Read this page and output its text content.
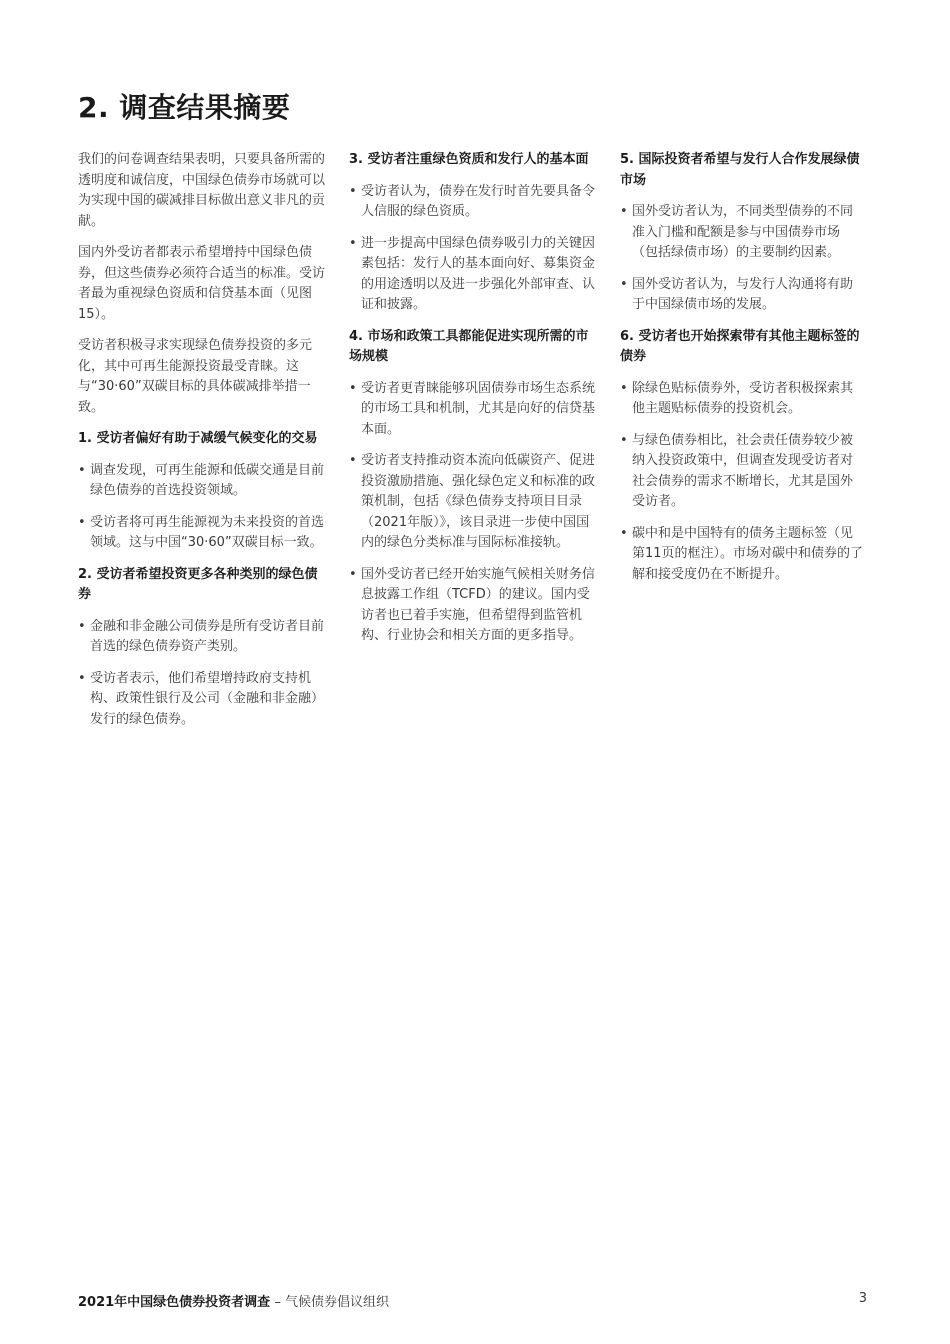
2. 调查结果摘要

我们的问卷调查结果表明，只要具备所需的透明度和诚信度，中国绿色债券市场就可以为实现中国的碳减排目标做出意义非凡的贡献。

国内外受访者都表示希望增持中国绿色债券，但这些债券必须符合适当的标准。受访者最为重视绿色资质和信贷基本面（见图15）。

受访者积极寻求实现绿色债券投资的多元化，其中可再生能源投资最受青睐。这与“30·60”双碳目标的具体碳减排举措一致。

1. 受访者偏好有助于减缓气候变化的交易
• 调查发现，可再生能源和低碳交通是目前绿色债券的首选投资领域。
• 受访者将可再生能源视为未来投资的首选领域。这与中国“30·60”双碳目标一致。
2. 受访者希望投资更多各种类别的绿色债券
• 金融和非金融公司债券是所有受访者目前首选的绿色债券资产类别。
• 受访者表示，他们希望增持政府支持机构、政策性银行及公司（金融和非金融）发行的绿色债券。
3. 受访者注重绿色资质和发行人的基本面
• 受访者认为，债券在发行时首先要具备令人信服的绿色资质。
• 进一步提高中国绿色债券吸引力的关键因素包括：发行人的基本面向好、募集资金的用途透明以及进一步强化外部审查、认证和披露。
4. 市场和政策工具都能促进实现所需的市场规模
• 受访者更青睐能够巩固债券市场生态系统的市场工具和机制，尤其是向好的信贷基本面。
• 受访者支持推动资本流向低碳资产、促进投资激励措施、强化绿色定义和标准的政策机制，包括《绿色债券支持项目目录（2021年版）》，该目录进一步使中国国内的绿色分类标准与国际标准接轨。
• 国外受访者已经开始实施气候相关财务信息披露工作组（TCFD）的建议。国内受访者也已着手实施，但希望得到监管机构、行业协会和相关方面的更多指导。
5. 国际投资者希望与发行人合作发展绿债市场
• 国外受访者认为，不同类型债券的不同准入门槛和配额是参与中国债券市场（包括绿债市场）的主要制约因素。
• 国外受访者认为，与发行人沟通将有助于中国绿债市场的发展。
6. 受访者也开始探索带有其他主题标签的债券
• 除绿色贴标债券外，受访者积极探索其他主题贴标债券的投资机会。
• 与绿色债券相比，社会责任债券较少被纳入投资政策中，但调查发现受访者对社会债券的需求不断增长，尤其是国外受访者。
• 碳中和是中国特有的债务主题标签（见第11页的框注）。市场对碳中和债券的了解和接受度仍在不断提升。
2021年中国绿色债券投资者调查 – 气候债券倡议组织	3
